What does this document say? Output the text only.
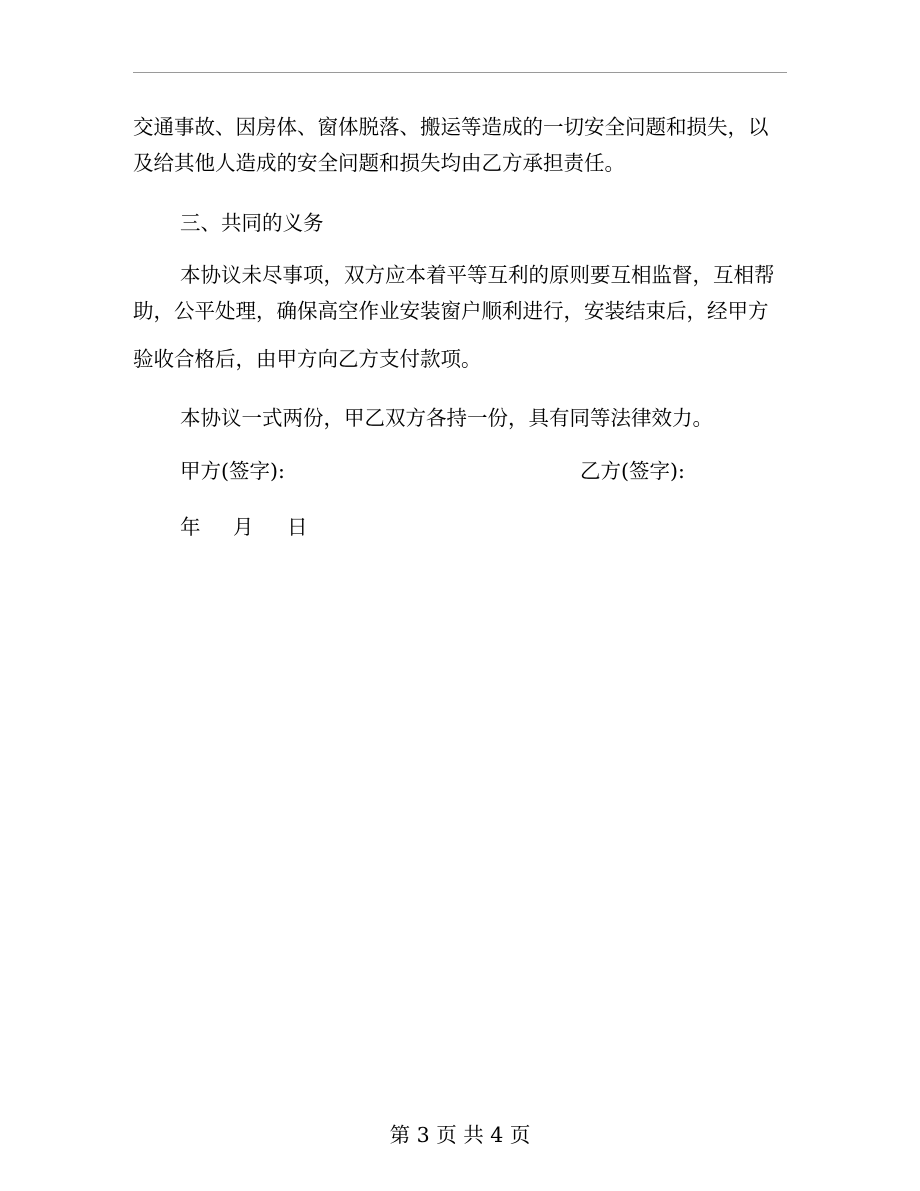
交通事故、因房体、窗体脱落、搬运等造成的一切安全问题和损失，以
及给其他人造成的安全问题和损失均由乙方承担责任。
三、共同的义务
本协议未尽事项，双方应本着平等互利的原则要互相监督，互相帮
助，公平处理，确保高空作业安装窗户顺利进行，安装结束后，经甲方
验收合格后，由甲方向乙方支付款项。
本协议一式两份，甲乙双方各持一份，具有同等法律效力。
甲方(签字):	乙方(签字):
年 月 日
第 3 页 共 4 页
